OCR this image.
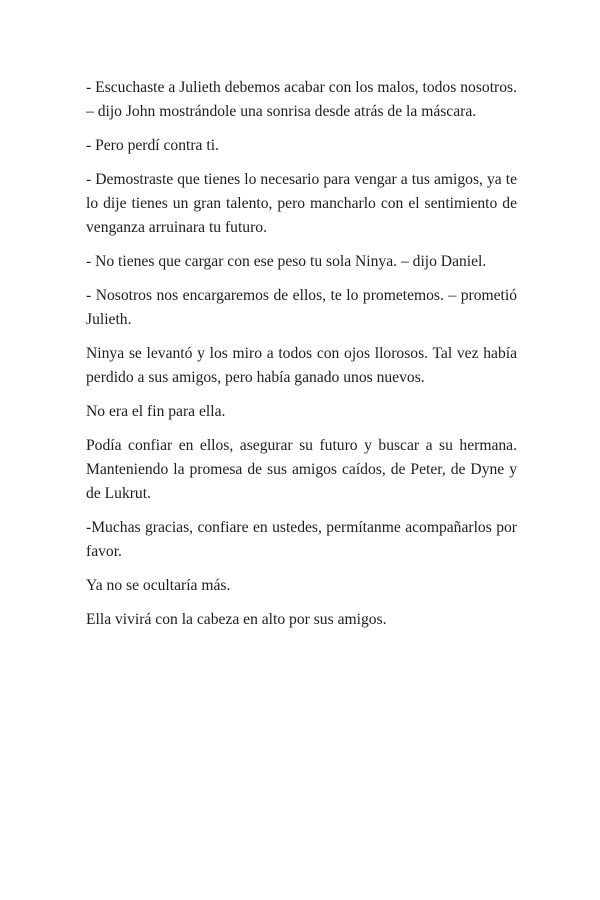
- Escuchaste a Julieth debemos acabar con los malos, todos nosotros. – dijo John mostrándole una sonrisa desde atrás de la máscara.

- Pero perdí contra ti.

- Demostraste que tienes lo necesario para vengar a tus amigos, ya te lo dije tienes un gran talento, pero mancharlo con el sentimiento de venganza arruinara tu futuro.

- No tienes que cargar con ese peso tu sola Ninya. – dijo Daniel.

- Nosotros nos encargaremos de ellos, te lo prometemos. – prometió Julieth.

Ninya se levantó y los miro a todos con ojos llorosos. Tal vez había perdido a sus amigos, pero había ganado unos nuevos.

No era el fin para ella.

Podía confiar en ellos, asegurar su futuro y buscar a su hermana. Manteniendo la promesa de sus amigos caídos, de Peter, de Dyne y de Lukrut.

-Muchas gracias, confiare en ustedes, permítanme acompañarlos por favor.

Ya no se ocultaría más.

Ella vivirá con la cabeza en alto por sus amigos.
